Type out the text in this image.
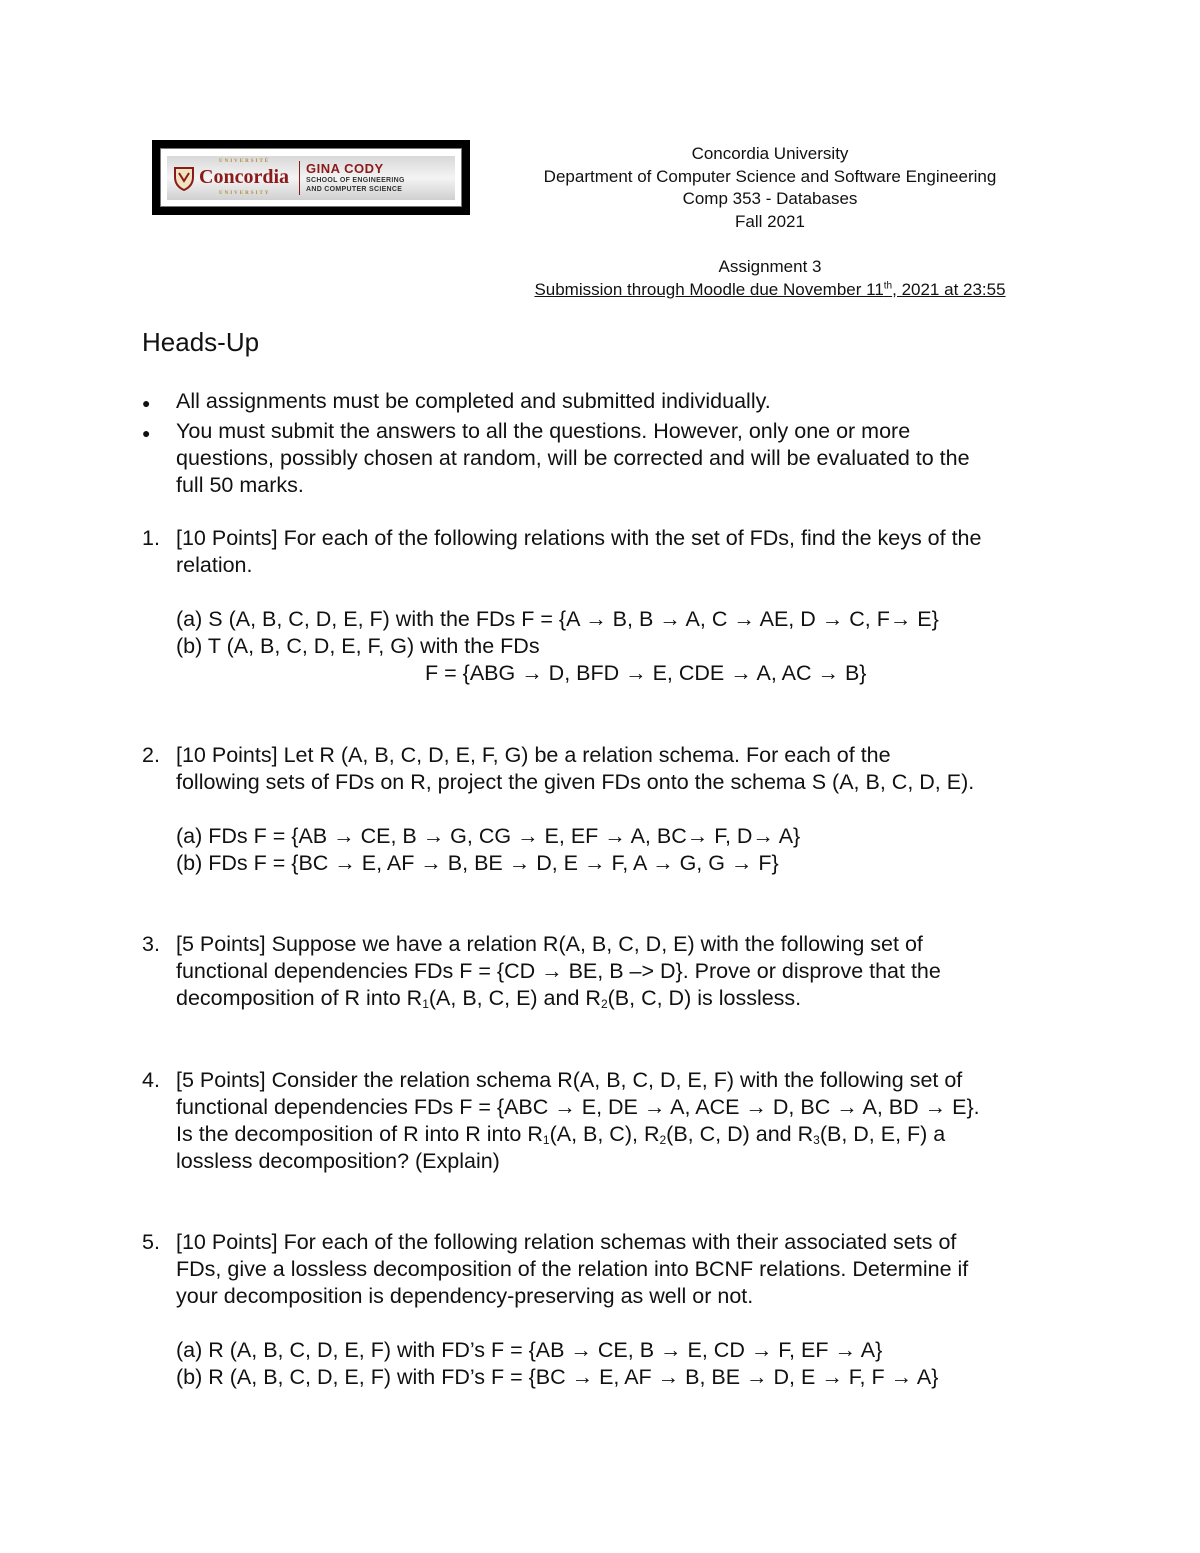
UNIVERSITÉ
Concordia
UNIVERSITY
GINA CODY
SCHOOL OF ENGINEERING
AND COMPUTER SCIENCE
Concordia University
Department of Computer Science and Software Engineering
Comp 353 - Databases
Fall 2021
Assignment 3
Submission through Moodle due November 11th, 2021 at 23:55
Heads-Up
● All assignments must be completed and submitted individually.
● You must submit the answers to all the questions. However, only one or more
questions, possibly chosen at random, will be corrected and will be evaluated to the
full 50 marks.
1. [10 Points] For each of the following relations with the set of FDs, find the keys of the
relation.
(a) S (A, B, C, D, E, F) with the FDs F = {A → B, B → A, C → AE, D → C, F→ E}
(b) T (A, B, C, D, E, F, G) with the FDs
F = {ABG → D, BFD → E, CDE → A, AC → B}
2. [10 Points] Let R (A, B, C, D, E, F, G) be a relation schema. For each of the
following sets of FDs on R, project the given FDs onto the schema S (A, B, C, D, E).
(a) FDs F = {AB → CE, B → G, CG → E, EF → A, BC→ F, D→ A}
(b) FDs F = {BC → E, AF → B, BE → D, E → F, A → G, G → F}
3. [5 Points] Suppose we have a relation R(A, B, C, D, E) with the following set of
functional dependencies FDs F = {CD → BE, B –> D}. Prove or disprove that the
decomposition of R into $R_1(A$, B, C, E) and $R_2(B$, C, D) is lossless.
4. [5 Points] Consider the relation schema R(A, B, C, D, E, F) with the following set of
functional dependencies FDs F = {ABC → E, DE → A, ACE → D, BC → A, BD → E}.
Is the decomposition of R into R into $R_1(A$, B, C), $R_2(B$, C, D) and $R_3(B$, D, E, F) a
lossless decomposition? (Explain)
5. [10 Points] For each of the following relation schemas with their associated sets of
FDs, give a lossless decomposition of the relation into BCNF relations. Determine if
your decomposition is dependency-preserving as well or not.
(a) R (A, B, C, D, E, F) with FD’s F = {AB → CE, B → E, CD → F, EF → A}
(b) R (A, B, C, D, E, F) with FD’s F = {BC → E, AF → B, BE → D, E → F, F → A}
